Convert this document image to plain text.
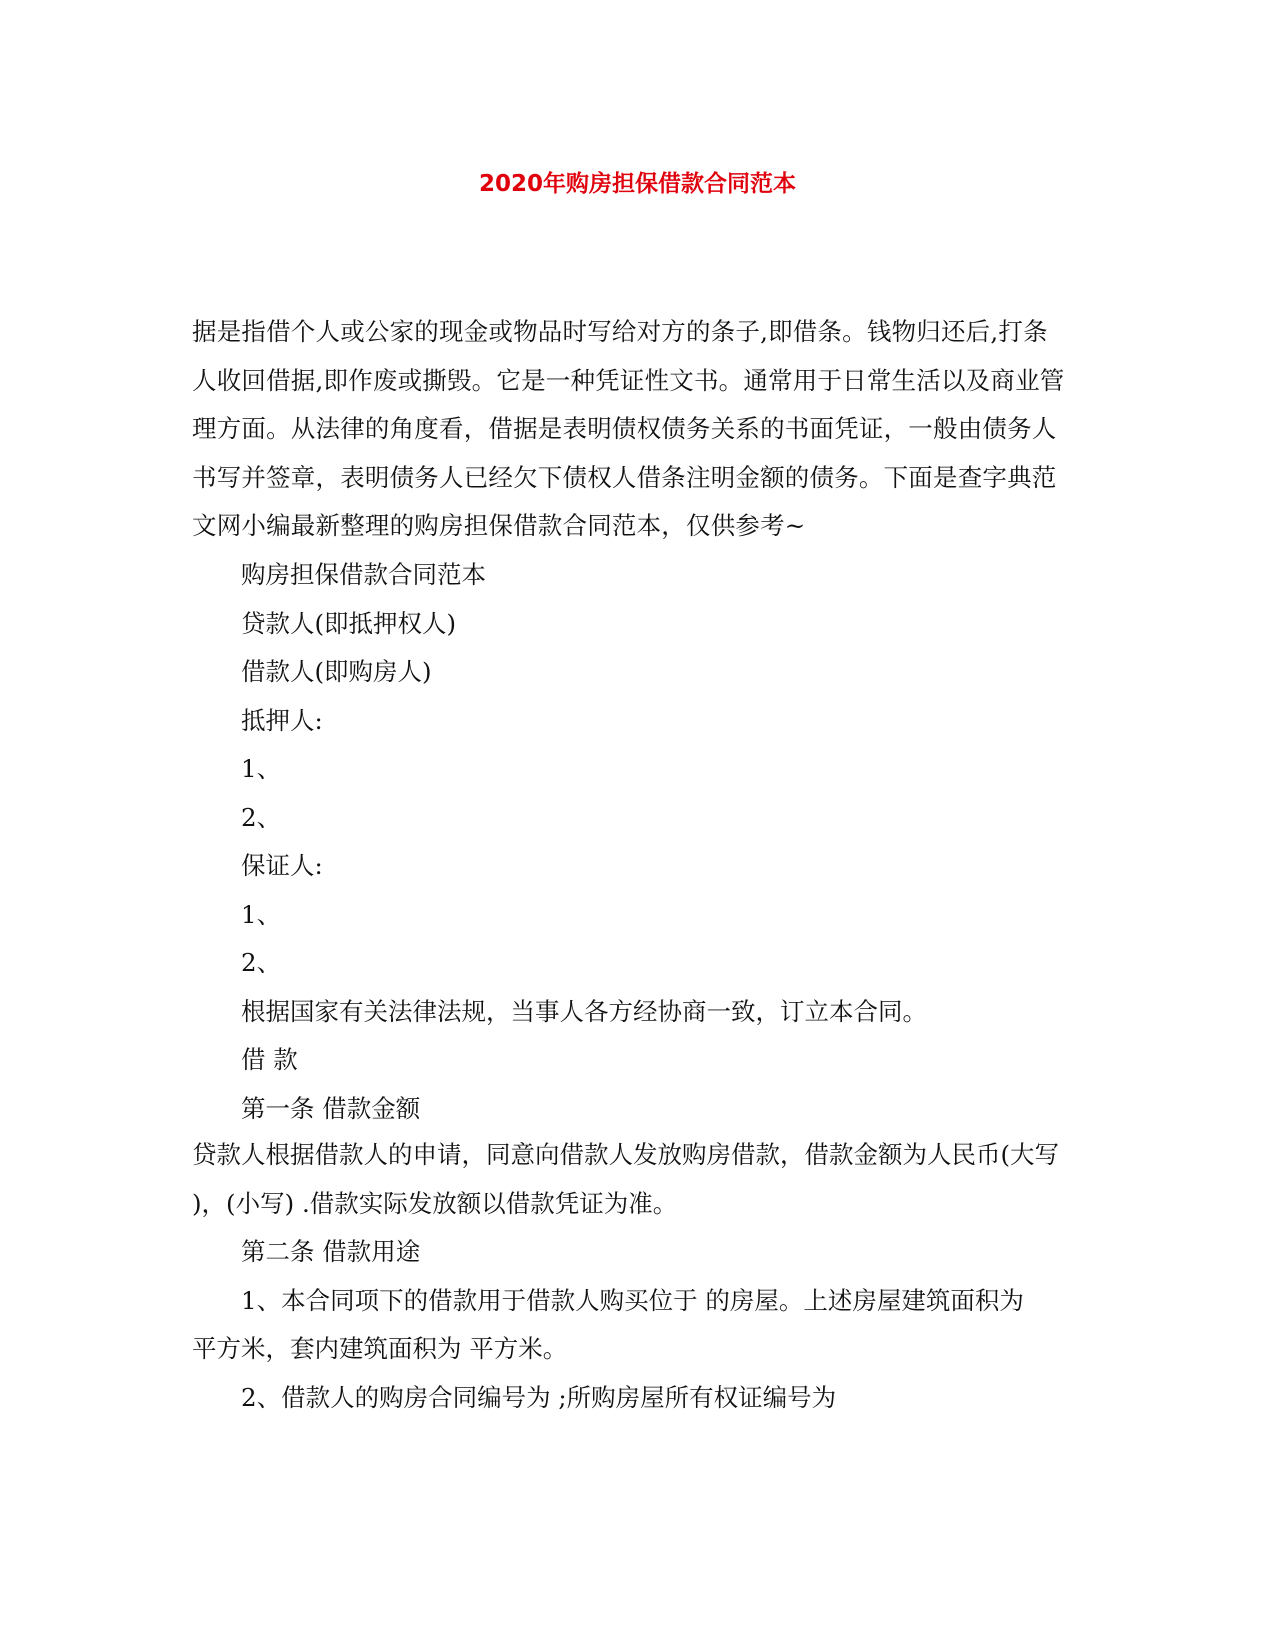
2020年购房担保借款合同范本

据是指借个人或公家的现金或物品时写给对方的条子,即借条。钱物归还后,打条

人收回借据,即作废或撕毁。它是一种凭证性文书。通常用于日常生活以及商业管

理方面。从法律的角度看，借据是表明债权债务关系的书面凭证，一般由债务人

书写并签章，表明债务人已经欠下债权人借条注明金额的债务。下面是查字典范

文网小编最新整理的购房担保借款合同范本，仅供参考~

购房担保借款合同范本

贷款人(即抵押权人)

借款人(即购房人)

抵押人:

1、

2、

保证人:

1、

2、

根据国家有关法律法规，当事人各方经协商一致，订立本合同。

借 款

第一条 借款金额

贷款人根据借款人的申请，同意向借款人发放购房借款，借款金额为人民币(大写

)，(小写) .借款实际发放额以借款凭证为准。

第二条 借款用途

1、本合同项下的借款用于借款人购买位于 的房屋。上述房屋建筑面积为

平方米，套内建筑面积为 平方米。

2、借款人的购房合同编号为 ;所购房屋所有权证编号为
